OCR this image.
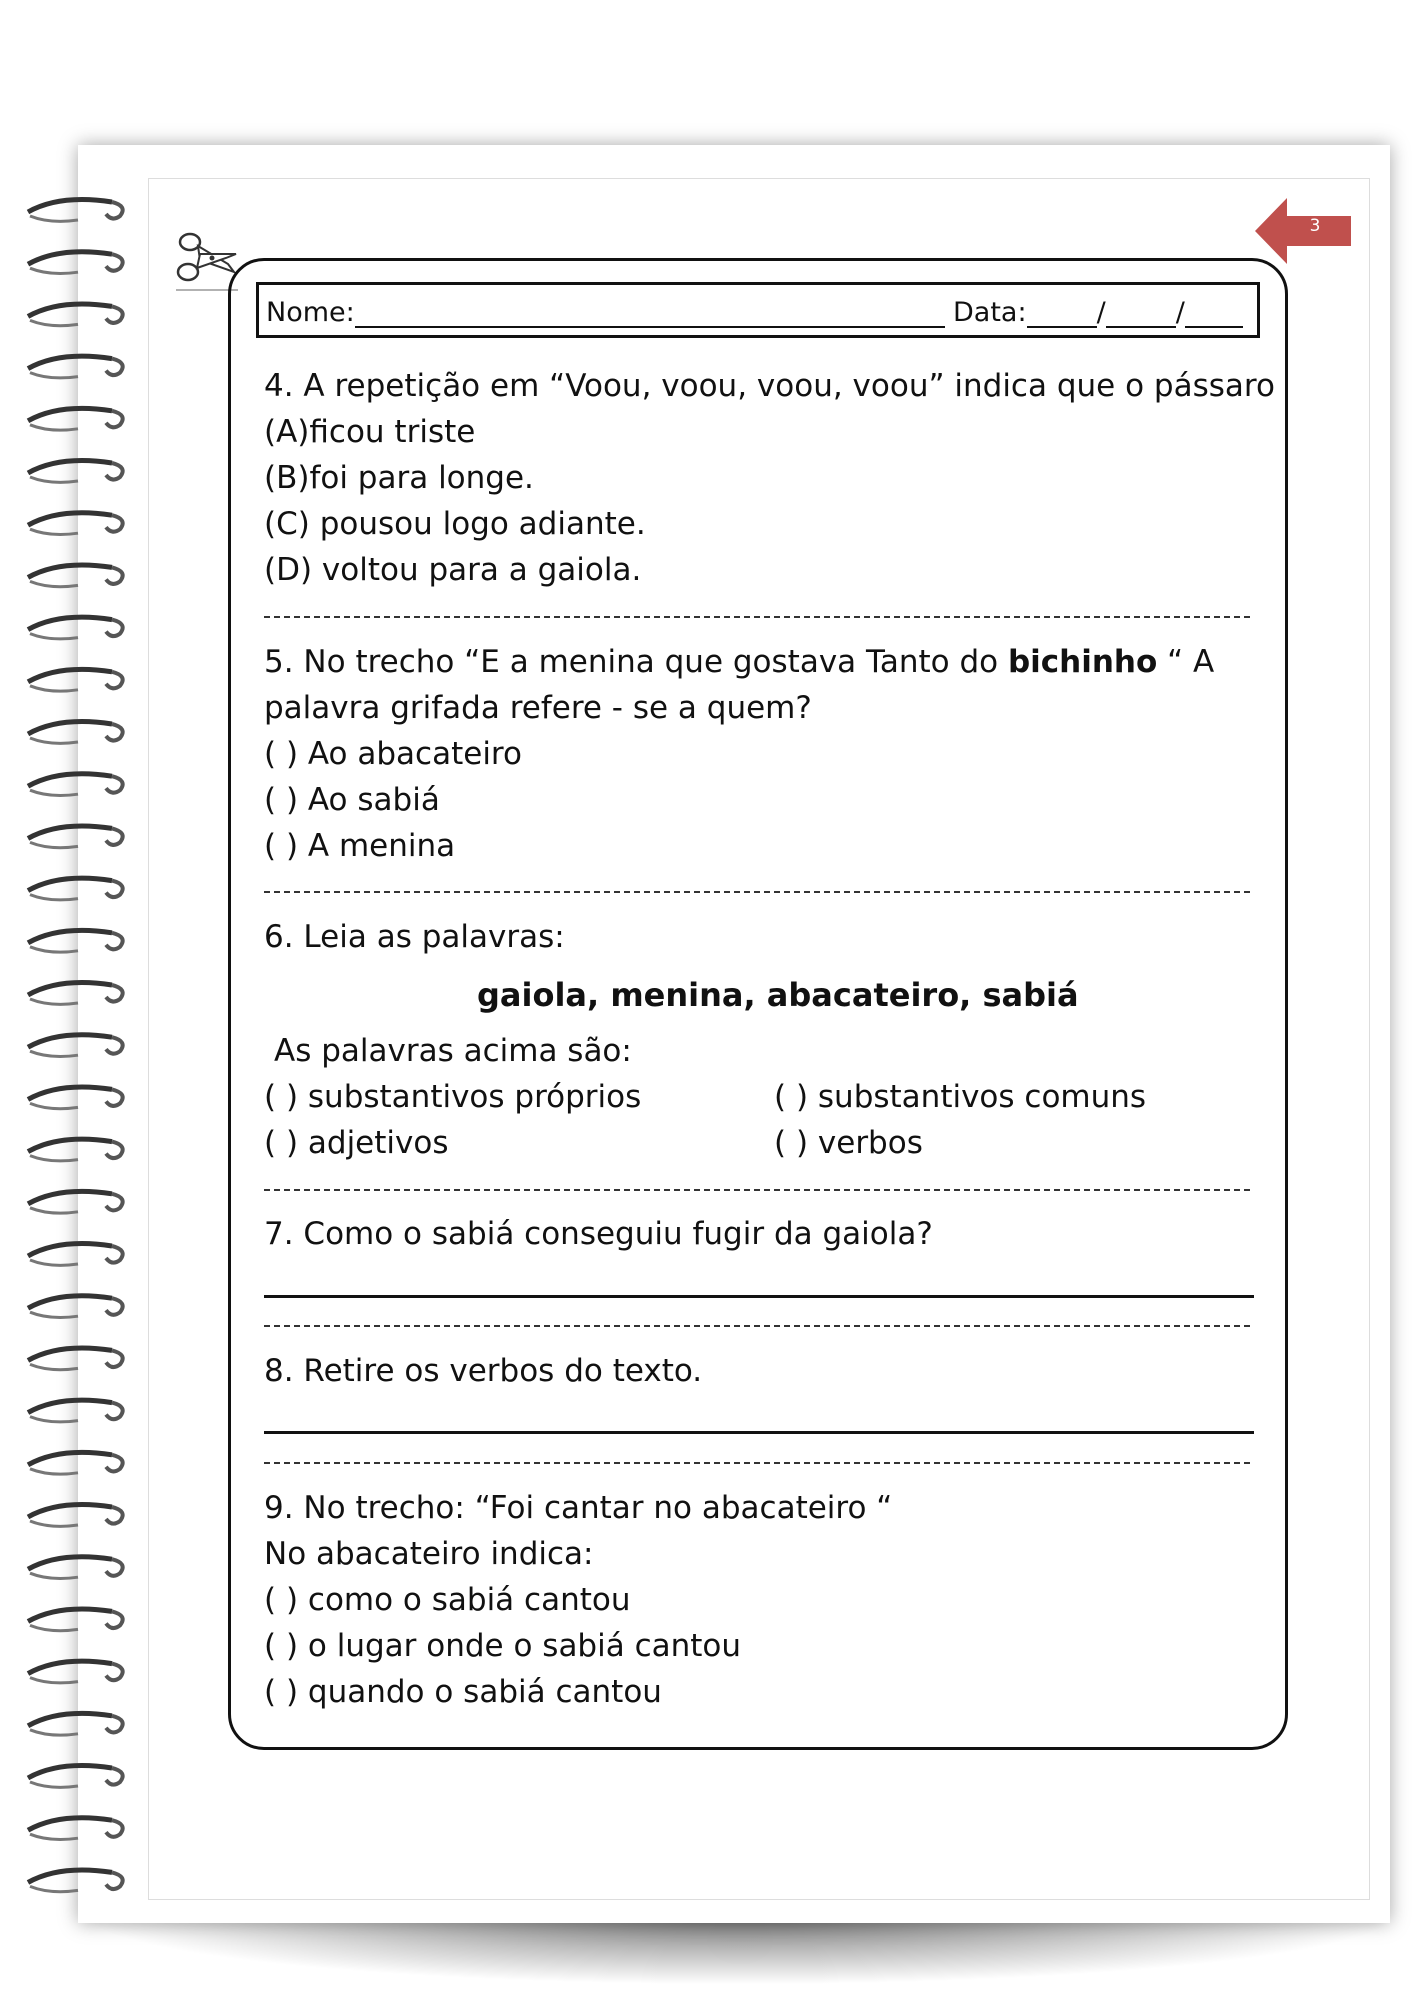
3
Nome:	Data:	/	/
4. A repetição em “Voou, voou, voou, voou” indica que o pássaro
(A)ficou triste
(B)foi para longe.
(C) pousou logo adiante.
(D) voltou para a gaiola.
5. No trecho “E a menina que gostava Tanto do bichinho “ A
palavra grifada refere - se a quem?
( ) Ao abacateiro
( ) Ao sabiá
( ) A menina
6. Leia as palavras:
gaiola, menina, abacateiro, sabiá
As palavras acima são:
( ) substantivos próprios	( ) substantivos comuns
( ) adjetivos	( ) verbos
7. Como o sabiá conseguiu fugir da gaiola?
8. Retire os verbos do texto.
9. No trecho: “Foi cantar no abacateiro “
No abacateiro indica:
( ) como o sabiá cantou
( ) o lugar onde o sabiá cantou
( ) quando o sabiá cantou
